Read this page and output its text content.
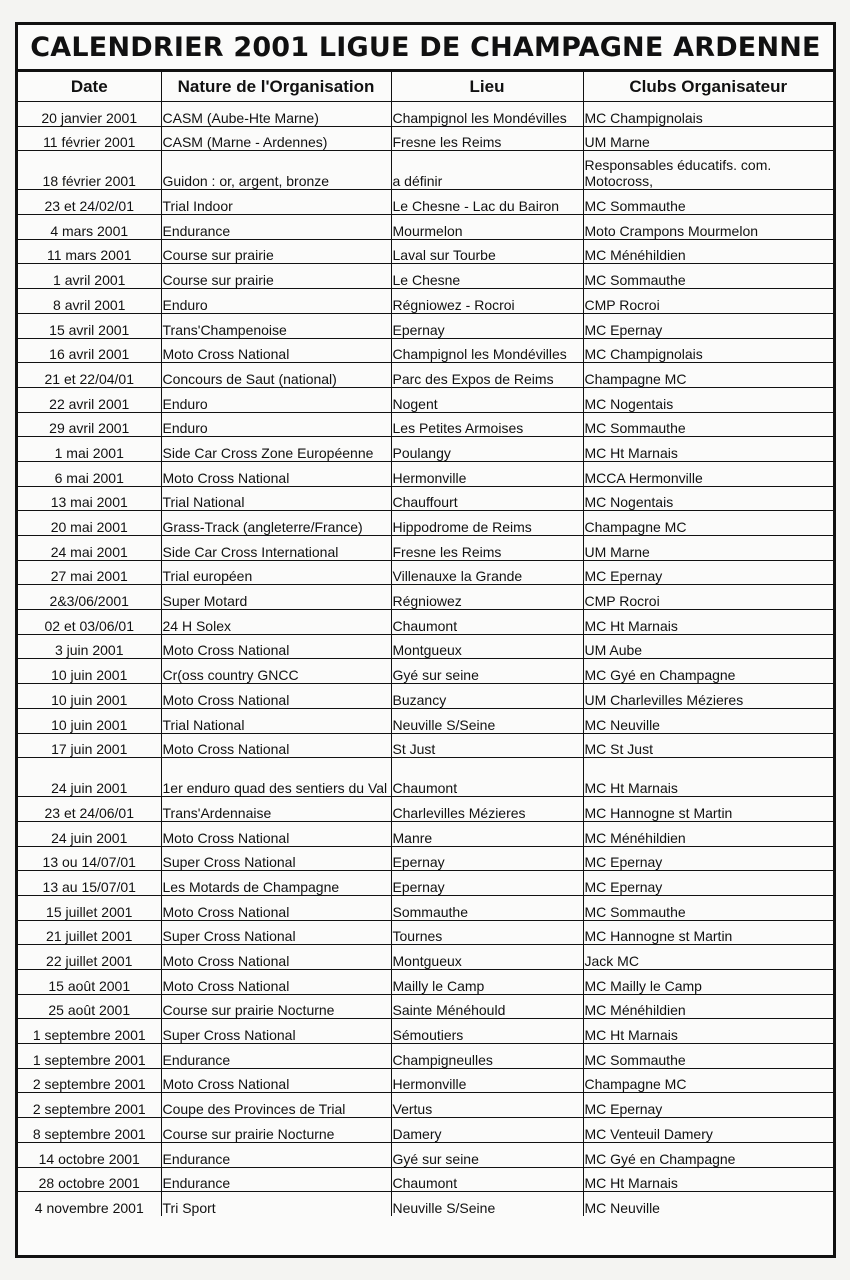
CALENDRIER 2001 LIGUE DE CHAMPAGNE ARDENNE
Date	Nature de l'Organisation	Lieu	Clubs Organisateur
20 janvier 2001	CASM (Aube-Hte Marne)	Champignol les Mondévilles	MC Champignolais
11 février 2001	CASM (Marne - Ardennes)	Fresne les Reims	UM Marne
18 février 2001	Guidon : or, argent, bronze	a définir	Responsables éducatifs. com. Motocross,
23 et 24/02/01	Trial Indoor	Le Chesne - Lac du Bairon	MC Sommauthe
4 mars 2001	Endurance	Mourmelon	Moto Crampons Mourmelon
11 mars 2001	Course sur prairie	Laval sur Tourbe	MC Ménéhildien
1 avril 2001	Course sur prairie	Le Chesne	MC Sommauthe
8 avril 2001	Enduro	Régniowez - Rocroi	CMP Rocroi
15 avril 2001	Trans'Champenoise	Epernay	MC Epernay
16 avril 2001	Moto Cross National	Champignol les Mondévilles	MC Champignolais
21 et 22/04/01	Concours de Saut (national)	Parc des Expos de Reims	Champagne MC
22 avril 2001	Enduro	Nogent	MC Nogentais
29 avril 2001	Enduro	Les Petites Armoises	MC Sommauthe
1 mai 2001	Side Car Cross Zone Européenne	Poulangy	MC Ht Marnais
6 mai 2001	Moto Cross National	Hermonville	MCCA Hermonville
13 mai 2001	Trial National	Chauffourt	MC Nogentais
20 mai 2001	Grass-Track (angleterre/France)	Hippodrome de Reims	Champagne MC
24 mai 2001	Side Car Cross International	Fresne les Reims	UM Marne
27 mai 2001	Trial européen	Villenauxe la Grande	MC Epernay
2&3/06/2001	Super Motard	Régniowez	CMP Rocroi
02 et 03/06/01	24 H Solex	Chaumont	MC Ht Marnais
3 juin 2001	Moto Cross National	Montgueux	UM Aube
10 juin 2001	Cr(oss country GNCC	Gyé sur seine	MC Gyé en Champagne
10 juin 2001	Moto Cross National	Buzancy	UM Charlevilles Mézieres
10 juin 2001	Trial National	Neuville S/Seine	MC Neuville
17 juin 2001	Moto Cross National	St Just	MC St Just
24 juin 2001	1er enduro quad des sentiers du Val	Chaumont	MC Ht Marnais
23 et 24/06/01	Trans'Ardennaise	Charlevilles Mézieres	MC Hannogne st Martin
24 juin 2001	Moto Cross National	Manre	MC Ménéhildien
13 ou 14/07/01	Super Cross National	Epernay	MC Epernay
13 au 15/07/01	Les Motards de Champagne	Epernay	MC Epernay
15 juillet 2001	Moto Cross National	Sommauthe	MC Sommauthe
21 juillet 2001	Super Cross National	Tournes	MC Hannogne st Martin
22 juillet 2001	Moto Cross National	Montgueux	Jack MC
15 août 2001	Moto Cross National	Mailly le Camp	MC Mailly le Camp
25 août 2001	Course sur prairie Nocturne	Sainte Ménéhould	MC Ménéhildien
1 septembre 2001	Super Cross National	Sémoutiers	MC Ht Marnais
1 septembre 2001	Endurance	Champigneulles	MC Sommauthe
2 septembre 2001	Moto Cross National	Hermonville	Champagne MC
2 septembre 2001	Coupe des Provinces de Trial	Vertus	MC Epernay
8 septembre 2001	Course sur prairie Nocturne	Damery	MC Venteuil Damery
14 octobre 2001	Endurance	Gyé sur seine	MC Gyé en Champagne
28 octobre 2001	Endurance	Chaumont	MC Ht Marnais
4 novembre 2001	Tri Sport	Neuville S/Seine	MC Neuville
